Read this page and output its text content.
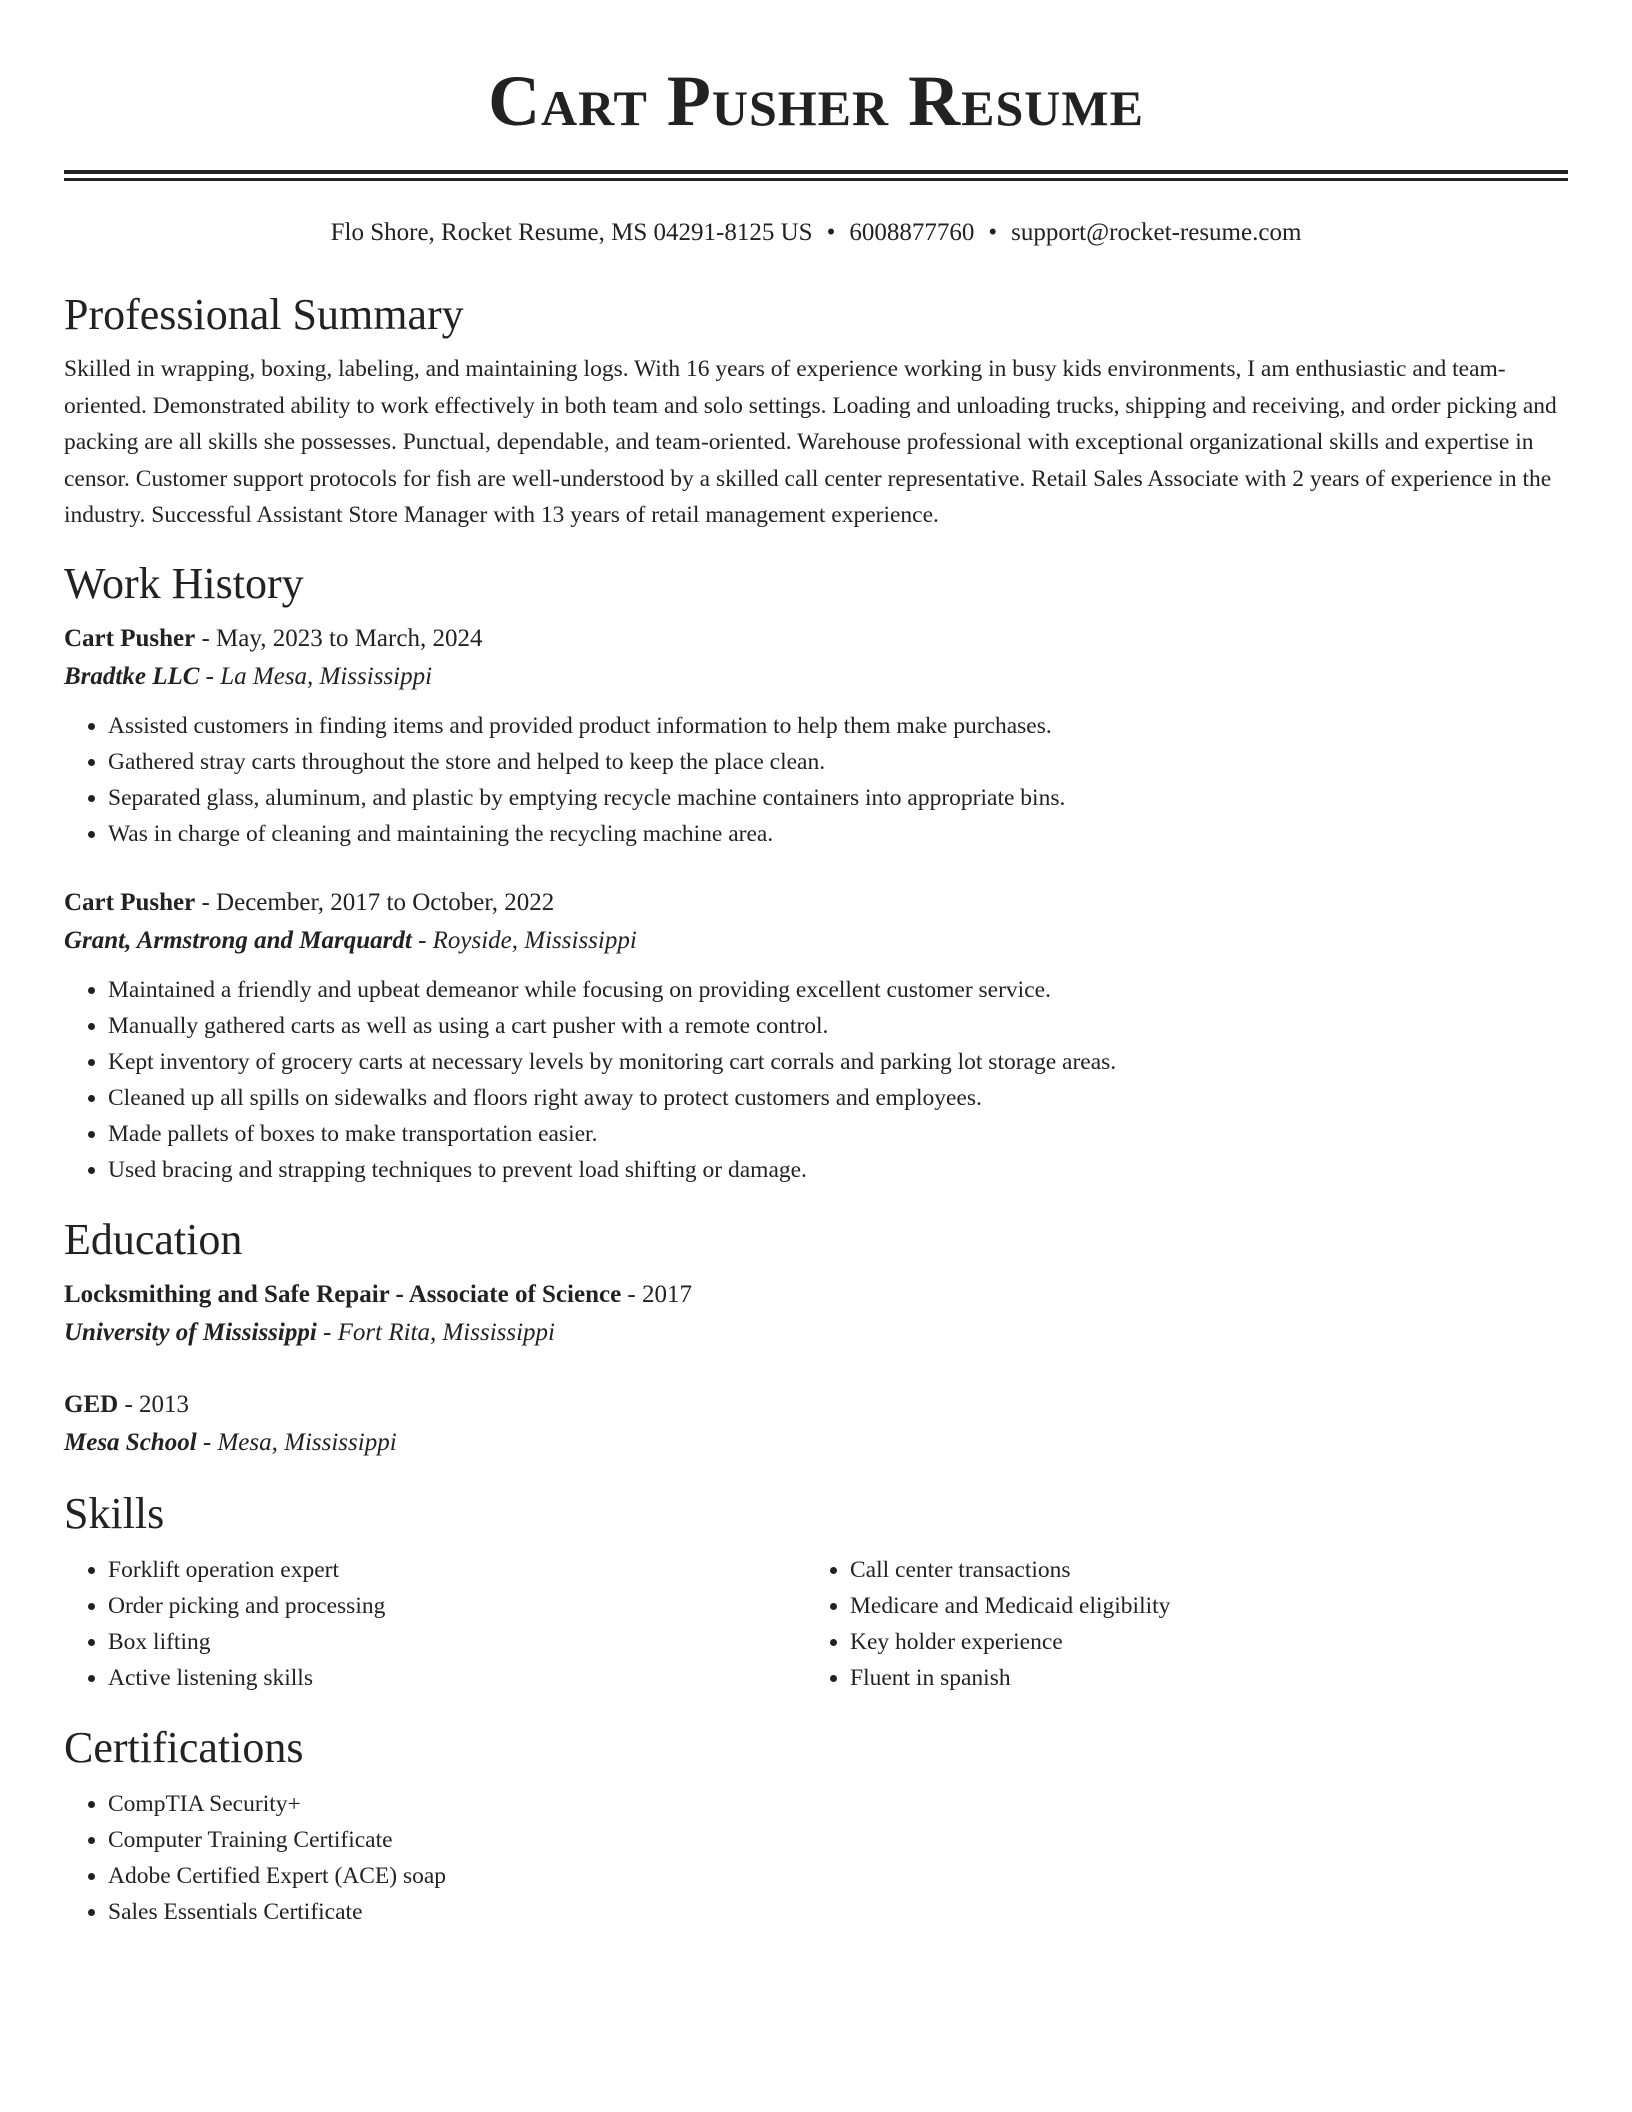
Cart Pusher Resume
Flo Shore, Rocket Resume, MS 04291-8125 US • 6008877760 • support@rocket-resume.com
Professional Summary

Skilled in wrapping, boxing, labeling, and maintaining logs. With 16 years of experience working in busy kids environments, I am enthusiastic and team-oriented. Demonstrated ability to work effectively in both team and solo settings. Loading and unloading trucks, shipping and receiving, and order picking and packing are all skills she possesses. Punctual, dependable, and team-oriented. Warehouse professional with exceptional organizational skills and expertise in censor. Customer support protocols for fish are well-understood by a skilled call center representative. Retail Sales Associate with 2 years of experience in the industry. Successful Assistant Store Manager with 13 years of retail management experience.

Work History
Cart Pusher - May, 2023 to March, 2024
Bradtke LLC - La Mesa, Mississippi
• Assisted customers in finding items and provided product information to help them make purchases.
• Gathered stray carts throughout the store and helped to keep the place clean.
• Separated glass, aluminum, and plastic by emptying recycle machine containers into appropriate bins.
• Was in charge of cleaning and maintaining the recycling machine area.
Cart Pusher - December, 2017 to October, 2022
Grant, Armstrong and Marquardt - Royside, Mississippi
• Maintained a friendly and upbeat demeanor while focusing on providing excellent customer service.
• Manually gathered carts as well as using a cart pusher with a remote control.
• Kept inventory of grocery carts at necessary levels by monitoring cart corrals and parking lot storage areas.
• Cleaned up all spills on sidewalks and floors right away to protect customers and employees.
• Made pallets of boxes to make transportation easier.
• Used bracing and strapping techniques to prevent load shifting or damage.
Education
Locksmithing and Safe Repair - Associate of Science - 2017
University of Mississippi - Fort Rita, Mississippi
GED - 2013
Mesa School - Mesa, Mississippi
Skills
• Forklift operation expert
• Order picking and processing
• Box lifting
• Active listening skills
• Call center transactions
• Medicare and Medicaid eligibility
• Key holder experience
• Fluent in spanish
Certifications
• CompTIA Security+
• Computer Training Certificate
• Adobe Certified Expert (ACE) soap
• Sales Essentials Certificate
